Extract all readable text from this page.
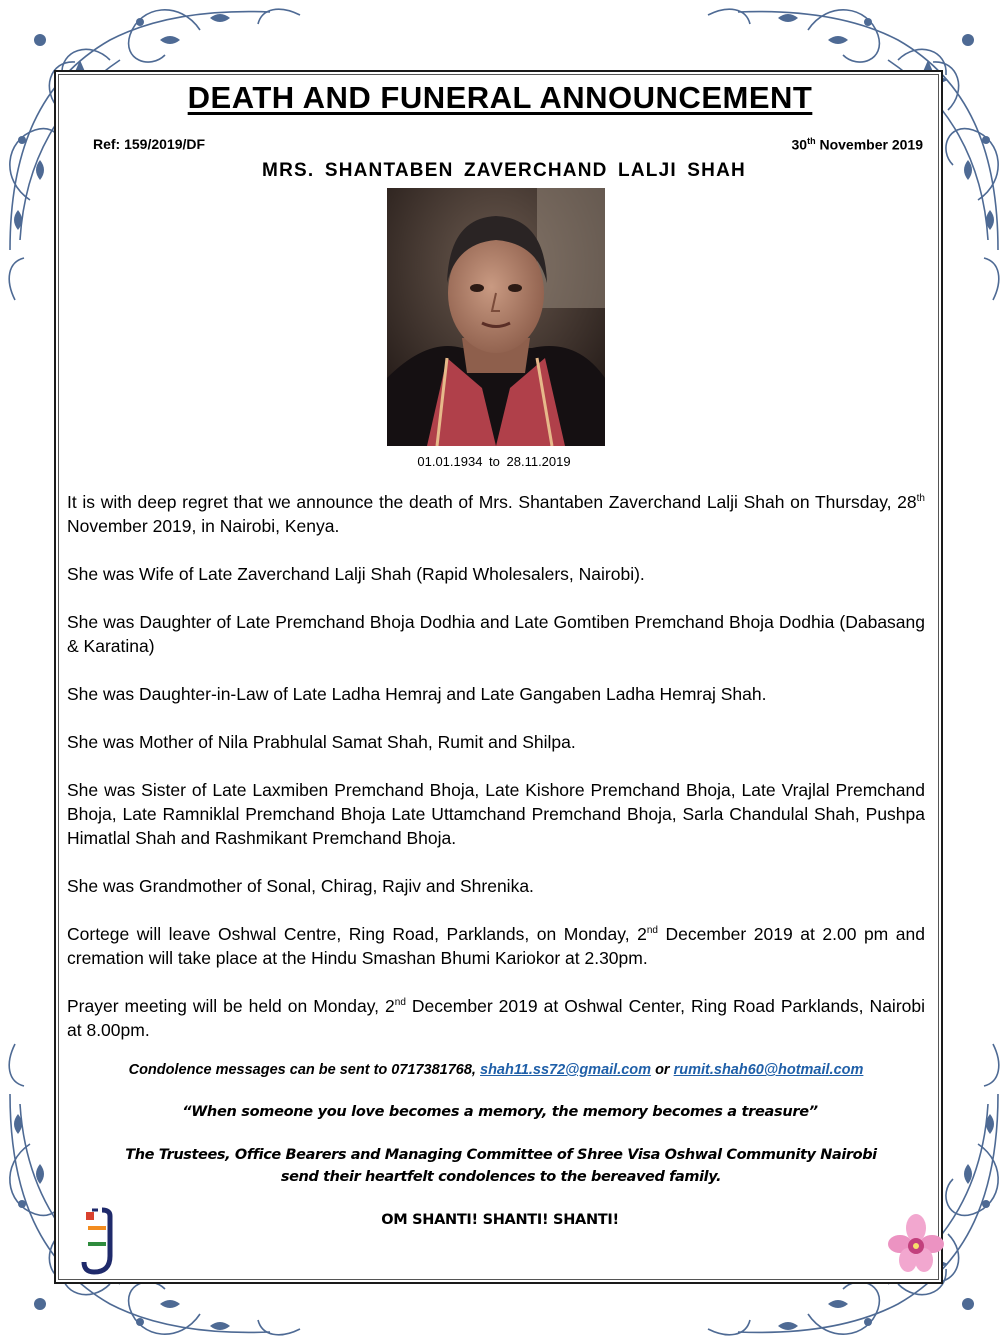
DEATH AND FUNERAL ANNOUNCEMENT
Ref: 159/2019/DF	30th November 2019
MRS. SHANTABEN ZAVERCHAND LALJI SHAH
01.01.1934 to 28.11.2019

It is with deep regret that we announce the death of Mrs. Shantaben Zaverchand Lalji Shah on Thursday, 28th November 2019, in Nairobi, Kenya.

She was Wife of Late Zaverchand Lalji Shah (Rapid Wholesalers, Nairobi).

She was Daughter of Late Premchand Bhoja Dodhia and Late Gomtiben Premchand Bhoja Dodhia (Dabasang & Karatina)

She was Daughter-in-Law of Late Ladha Hemraj and Late Gangaben Ladha Hemraj Shah.

She was Mother of Nila Prabhulal Samat Shah, Rumit and Shilpa.

She was Sister of Late Laxmiben Premchand Bhoja, Late Kishore Premchand Bhoja, Late Vrajlal Premchand Bhoja, Late Ramniklal Premchand Bhoja Late Uttamchand Premchand Bhoja, Sarla Chandulal Shah, Pushpa Himatlal Shah and Rashmikant Premchand Bhoja.

She was Grandmother of Sonal, Chirag, Rajiv and Shrenika.

Cortege will leave Oshwal Centre, Ring Road, Parklands, on Monday, 2nd December 2019 at 2.00 pm and cremation will take place at the Hindu Smashan Bhumi Kariokor at 2.30pm.

Prayer meeting will be held on Monday, 2nd December 2019 at Oshwal Center, Ring Road Parklands, Nairobi at 8.00pm.

Condolence messages can be sent to 0717381768, shah11.ss72@gmail.com or rumit.shah60@hotmail.com
“When someone you love becomes a memory, the memory becomes a treasure”
The Trustees, Office Bearers and Managing Committee of Shree Visa Oshwal Community Nairobi
send their heartfelt condolences to the bereaved family.
OM SHANTI! SHANTI! SHANTI!
